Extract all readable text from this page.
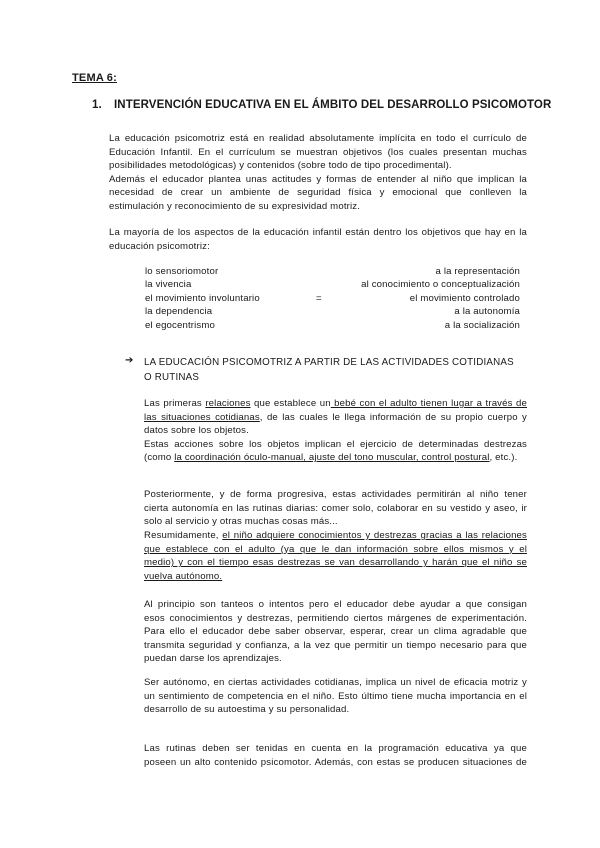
TEMA 6:
1. INTERVENCIÓN EDUCATIVA EN EL ÁMBITO DEL DESARROLLO PSICOMOTOR
La educación psicomotriz está en realidad absolutamente implícita en todo el currículo de
Educación Infantil. En el currículum se muestran objetivos (los cuales presentan muchas
posibilidades metodológicas) y contenidos (sobre todo de tipo procedimental).
Además el educador plantea unas actitudes y formas de entender al niño que implican la
necesidad de crear un ambiente de seguridad física y emocional que conlleven la
estimulación y reconocimiento de su expresividad motriz.
La mayoría de los aspectos de la educación infantil están dentro los objetivos que hay en la
educación psicomotriz:
lo sensoriomotor	a la representación
la vivencia	al conocimiento o conceptualización
el movimiento involuntario	=	el movimiento controlado
la dependencia	a la autonomía
el egocentrismo	a la socialización
➔ LA EDUCACIÓN PSICOMOTRIZ A PARTIR DE LAS ACTIVIDADES COTIDIANAS
O RUTINAS
Las primeras relaciones que establece un bebé con el adulto tienen lugar a través de
las situaciones cotidianas, de las cuales le llega información de su propio cuerpo y
datos sobre los objetos.
Estas acciones sobre los objetos implican el ejercicio de determinadas destrezas
(como la coordinación óculo-manual, ajuste del tono muscular, control postural, etc.).
Posteriormente, y de forma progresiva, estas actividades permitirán al niño tener
cierta autonomía en las rutinas diarias: comer solo, colaborar en su vestido y aseo, ir
solo al servicio y otras muchas cosas más...
Resumidamente, el niño adquiere conocimientos y destrezas gracias a las relaciones
que establece con el adulto (ya que le dan información sobre ellos mismos y el
medio) y con el tiempo esas destrezas se van desarrollando y harán que el niño se
vuelva autónomo.
Al principio son tanteos o intentos pero el educador debe ayudar a que consigan
esos conocimientos y destrezas, permitiendo ciertos márgenes de experimentación.
Para ello el educador debe saber observar, esperar, crear un clima agradable que
transmita seguridad y confianza, a la vez que permitir un tiempo necesario para que
puedan darse los aprendizajes.
Ser autónomo, en ciertas actividades cotidianas, implica un nivel de eficacia motriz y
un sentimiento de competencia en el niño. Esto último tiene mucha importancia en el
desarrollo de su autoestima y su personalidad.
Las rutinas deben ser tenidas en cuenta en la programación educativa ya que
poseen un alto contenido psicomotor. Además, con estas se producen situaciones de
